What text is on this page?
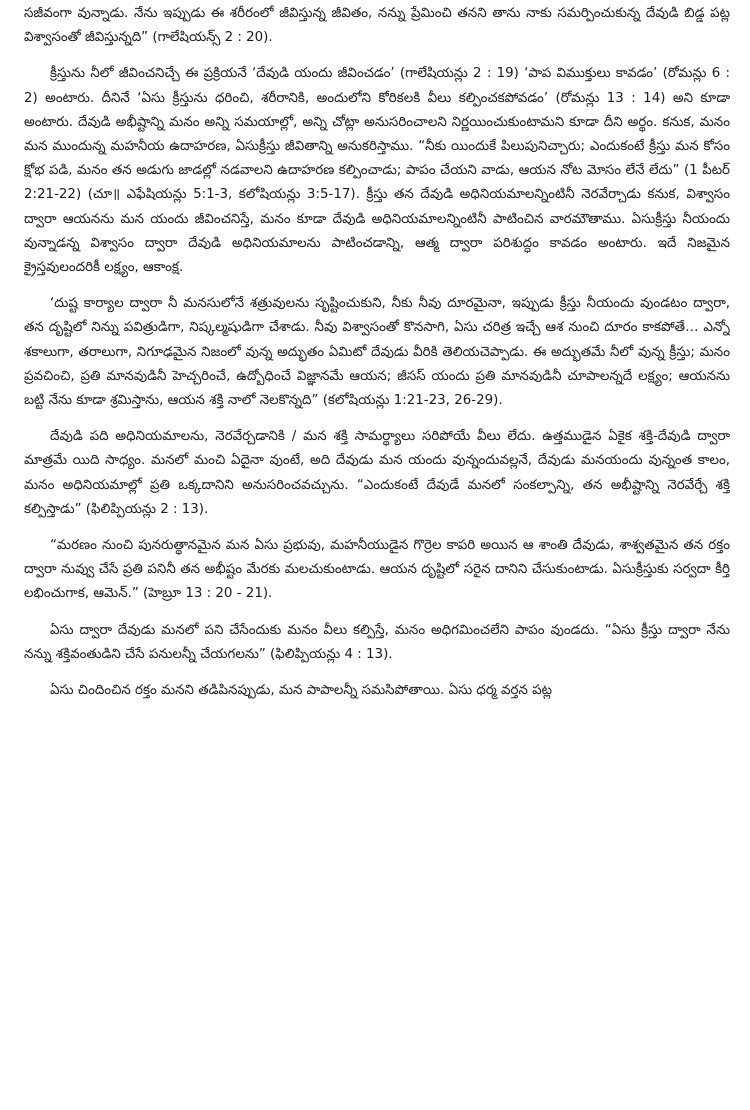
సజీవంగా వున్నాడు. నేను ఇప్పుడు ఈ శరీరంలో జీవిస్తున్న జీవితం, నన్ను ప్రేమించి తనని తాను నాకు సమర్పించుకున్న దేవుడి బిడ్డ పట్ల విశ్వాసంతో జీవిస్తున్నది” (గాలేషియన్స్ 2 : 20).

క్రీస్తును నీలో జీవించనిచ్చే ఈ ప్రక్రియనే ‘దేవుడి యందు జీవించడం’ (గాలేషియన్లు 2 : 19) ‘పాప విముక్తులు కావడం’ (రోమన్లు 6 : 2) అంటారు. దీనినే ‘ఏసు క్రీస్తును ధరించి, శరీరానికి, అందులోని కోరికలకి వీలు కల్పించకపోవడం’ (రోమన్లు 13 : 14) అని కూడా అంటారు. దేవుడి అభీష్టాన్ని మనం అన్ని సమయాల్లో, అన్ని చోట్లా అనుసరించాలని నిర్ణయించుకుంటామని కూడా దీని అర్థం. కనుక, మనం మన ముందున్న మహనీయ ఉదాహరణ, ఏసుక్రీస్తు జీవితాన్ని అనుకరిస్తాము. “నీకు యిందుకే పిలుపునిచ్చారు; ఎందుకంటే క్రీస్తు మన కోసం క్షోభ పడి, మనం తన అడుగు జాడల్లో నడవాలని ఉదాహరణ కల్పించాడు; పాపం చేయని వాడు, ఆయన నోట మోసం లేనే లేదు” (1 పీటర్ 2:21-22) (చూ॥ ఎఫేషియన్లు 5:1-3, కలోషియన్లు 3:5-17). క్రీస్తు తన దేవుడి అధినియమాలన్నింటినీ నెరవేర్చాడు కనుక, విశ్వాసం ద్వారా ఆయనను మన యందు జీవించనిస్తే, మనం కూడా దేవుడి అధినియమాలన్నింటినీ పాటించిన వారమౌతాము. ఏసుక్రీస్తు నీయందు వున్నాడన్న విశ్వాసం ద్వారా దేవుడి అధినియమాలను పాటించడాన్ని, ఆత్మ ద్వారా పరిశుద్ధం కావడం అంటారు. ఇదే నిజమైన క్రైస్తవులందరికీ లక్ష్యం, ఆకాంక్ష.

‘దుష్ట కార్యాల ద్వారా నీ మనసులోనే శత్రువులను సృష్టించుకుని, నీకు నీవు దూరమైనా, ఇప్పుడు క్రీస్తు నీయందు వుండటం ద్వారా, తన దృష్టిలో నిన్ను పవిత్రుడిగా, నిష్కల్మషుడిగా చేశాడు. నీవు విశ్వాసంతో కొనసాగి, ఏసు చరిత్ర ఇచ్చే ఆశ నుంచి దూరం కాకపోతే… ఎన్నో శకాలుగా, తరాలుగా, నిగూఢమైన నిజంలో వున్న అద్భుతం ఏమిటో దేవుడు వీరికి తెలియచెప్పాడు. ఈ అద్భుతమే నీలో వున్న క్రీస్తు; మనం ప్రవచించి, ప్రతి మానవుడినీ హెచ్చరించే, ఉద్బోధించే విజ్ఞానమే ఆయన; జీసస్ యందు ప్రతి మానవుడినీ చూపాలన్నదే లక్ష్యం; ఆయనను బట్టి నేను కూడా శ్రమిస్తాను, ఆయన శక్తి నాలో నెలకొన్నది” (కలోషియన్లు 1:21-23, 26-29).

దేవుడి పది అధినియమాలను, నెరవేర్చడానికి / మన శక్తి సామర్థ్యాలు సరిపోయే వీలు లేదు. ఉత్తముడైన ఏకైక శక్తి-దేవుడి ద్వారా మాత్రమే యిది సాధ్యం. మనలో మంచి ఏదైనా వుంటే, అది దేవుడు మన యందు వున్నందువల్లనే, దేవుడు మనయందు వున్నంత కాలం, మనం అధినియమాల్లో ప్రతి ఒక్కదానిని అనుసరించవచ్చును. “ఎందుకంటే దేవుడే మనలో సంకల్పాన్ని, తన అభీష్టాన్ని నెరవేర్చే శక్తి కల్పిస్తాడు” (ఫిలిప్పియన్లు 2 : 13).

“మరణం నుంచి పునరుత్థానమైన మన ఏసు ప్రభువు, మహనీయుడైన గొర్రెల కాపరి అయిన ఆ శాంతి దేవుడు, శాశ్వతమైన తన రక్తం ద్వారా నువ్వు చేసే ప్రతి పనినీ తన అభీష్టం మేరకు మలచుకుంటాడు. ఆయన దృష్టిలో సరైన దానిని చేసుకుంటాడు. ఏసుక్రీస్తుకు సర్వదా కీర్తి లభించుగాక, ఆమెన్.” (హెబ్రూ 13 : 20 - 21).

ఏసు ద్వారా దేవుడు మనలో పని చేసేందుకు మనం వీలు కల్పిస్తే, మనం అధిగమించలేని పాపం వుండదు. “ఏసు క్రీస్తు ద్వారా నేను నన్ను శక్తివంతుడిని చేసే పనులన్నీ చేయగలను” (ఫిలిప్పియన్లు 4 : 13).

ఏసు చిందించిన రక్తం మనని తడిపినప్పుడు, మన పాపాలన్నీ సమసిపోతాయి. ఏసు ధర్మ వర్తన పట్ల
